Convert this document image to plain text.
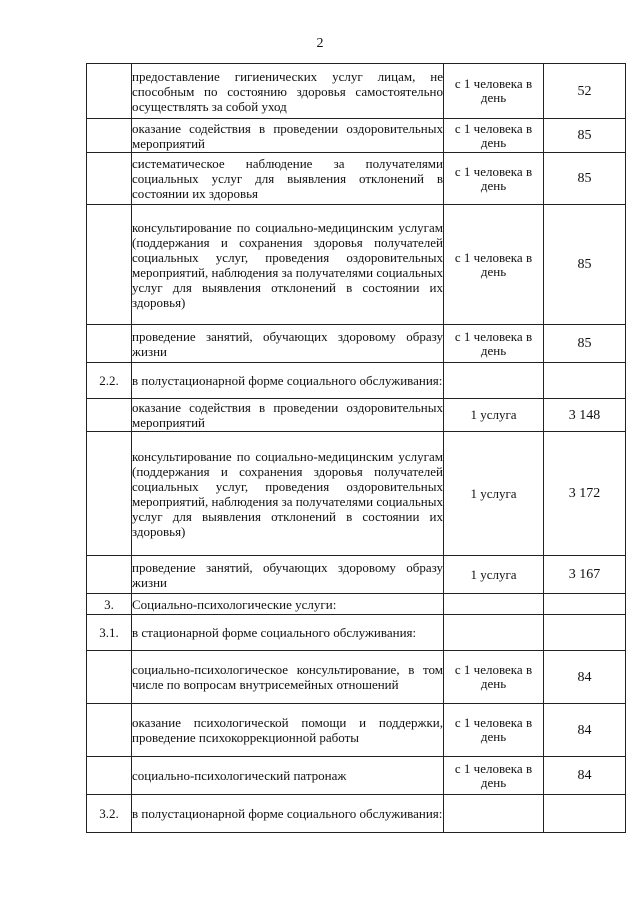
2
	предоставление гигиенических услуг лицам, не способным по состоянию здоровья самостоятельно осуществлять за собой уход	с 1 человека в день	52
	оказание содействия в проведении оздоровительных мероприятий	с 1 человека в день	85
	систематическое наблюдение за получателями социальных услуг для выявления отклонений в состоянии их здоровья	с 1 человека в день	85
	консультирование по социально-медицинским услугам (поддержания и сохранения здоровья получателей социальных услуг, проведения оздоровительных мероприятий, наблюдения за получателями социальных услуг для выявления отклонений в состоянии их здоровья)	с 1 человека в день	85
	проведение занятий, обучающих здоровому образу жизни	с 1 человека в день	85
2.2.	в полустационарной форме социального обслуживания:		
	оказание содействия в проведении оздоровительных мероприятий	1 услуга	3 148
	консультирование по социально-медицинским услугам (поддержания и сохранения здоровья получателей социальных услуг, проведения оздоровительных мероприятий, наблюдения за получателями социальных услуг для выявления отклонений в состоянии их здоровья)	1 услуга	3 172
	проведение занятий, обучающих здоровому образу жизни	1 услуга	3 167
3.	Социально-психологические услуги:		
3.1.	в стационарной форме социального обслуживания:		
	социально-психологическое консультирование, в том числе по вопросам внутрисемейных отношений	с 1 человека в день	84
	оказание психологической помощи и поддержки, проведение психокоррекционной работы	с 1 человека в день	84
	социально-психологический патронаж	с 1 человека в день	84
3.2.	в полустационарной форме социального обслуживания:		
